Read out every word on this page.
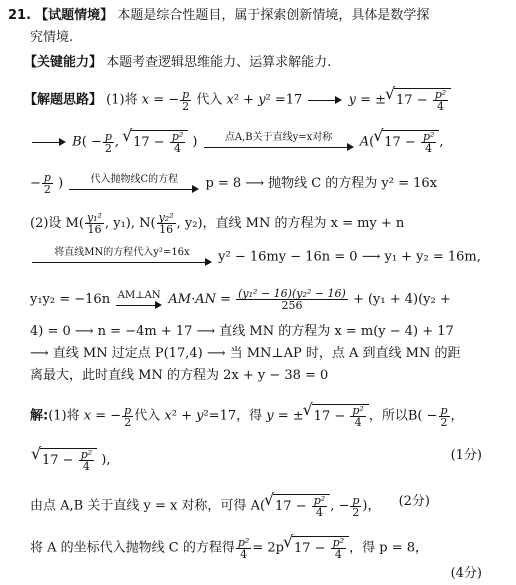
21. 【试题情境】 本题是综合性题目，属于探索创新情境，具体是数学探
究情境.
【关键能力】 本题考查逻辑思维能力、运算求解能力.
【解题思路】 (1)将 x = − $\frac{p}{2}$ 代入 x² + y² =17	y = ±√ $17 - \frac{\text{p²}}{4}$
$B( - \frac{p}{2}$ , √ $17 - \frac{\text{p²}}{4}$ ) 点A,B关于直线y=x对称 A(√ $17 - \frac{\text{p²}}{4}$ ,
− $\frac{p}{2}$ ) 代入抛物线C的方程 p = 8 ⟶ 抛物线 C 的方程为 y² = 16x
(2)设 $M( \frac{\text{y₁²}}{16}$ , y₁), $N( \frac{\text{y₂²}}{16}$ , y₂)，直线 MN 的方程为 x = my + n
将直线MN的方程代入y²=16x y² − 16my − 16n = 0 ⟶ y₁ + y₂ = 16m,
y₁y₂ = −16n AM⊥AN $AM\cdot AN = \frac{\text{(y₁² − 16)(y₂² − 16)}}{256} + (y_1 + 4)(y_2$ +
4) = 0 ⟶ n = −4m + 17 ⟶ 直线 MN 的方程为 x = m(y − 4) + 17
⟶ 直线 MN 过定点 P(17,4) ⟶ 当 MN⊥AP 时，点 A 到直线 MN 的距
离最大，此时直线 MN 的方程为 2x + y − 38 = 0
解:(1)将 x = − $\frac{p}{2}$ 代入 x² + y²=17，得 y = ±√ $17 - \frac{\text{p²}}{4}$ ，所以$B( - \frac{p}{2}$ ，
√ $17 - \frac{\text{p²}}{4}$ ),	(1分)
由点 A,B 关于直线 y = x 对称，可得 A(√ $17 - \frac{\text{p²}}{4}$ , − $\frac{p}{2}$ )， (2分)
将 A 的坐标代入抛物线 C 的方程得 $\frac{\text{p²}}{4} = 2p√$ $17 - \frac{\text{p²}}{4}$ ，得 p = 8，
(4分)
